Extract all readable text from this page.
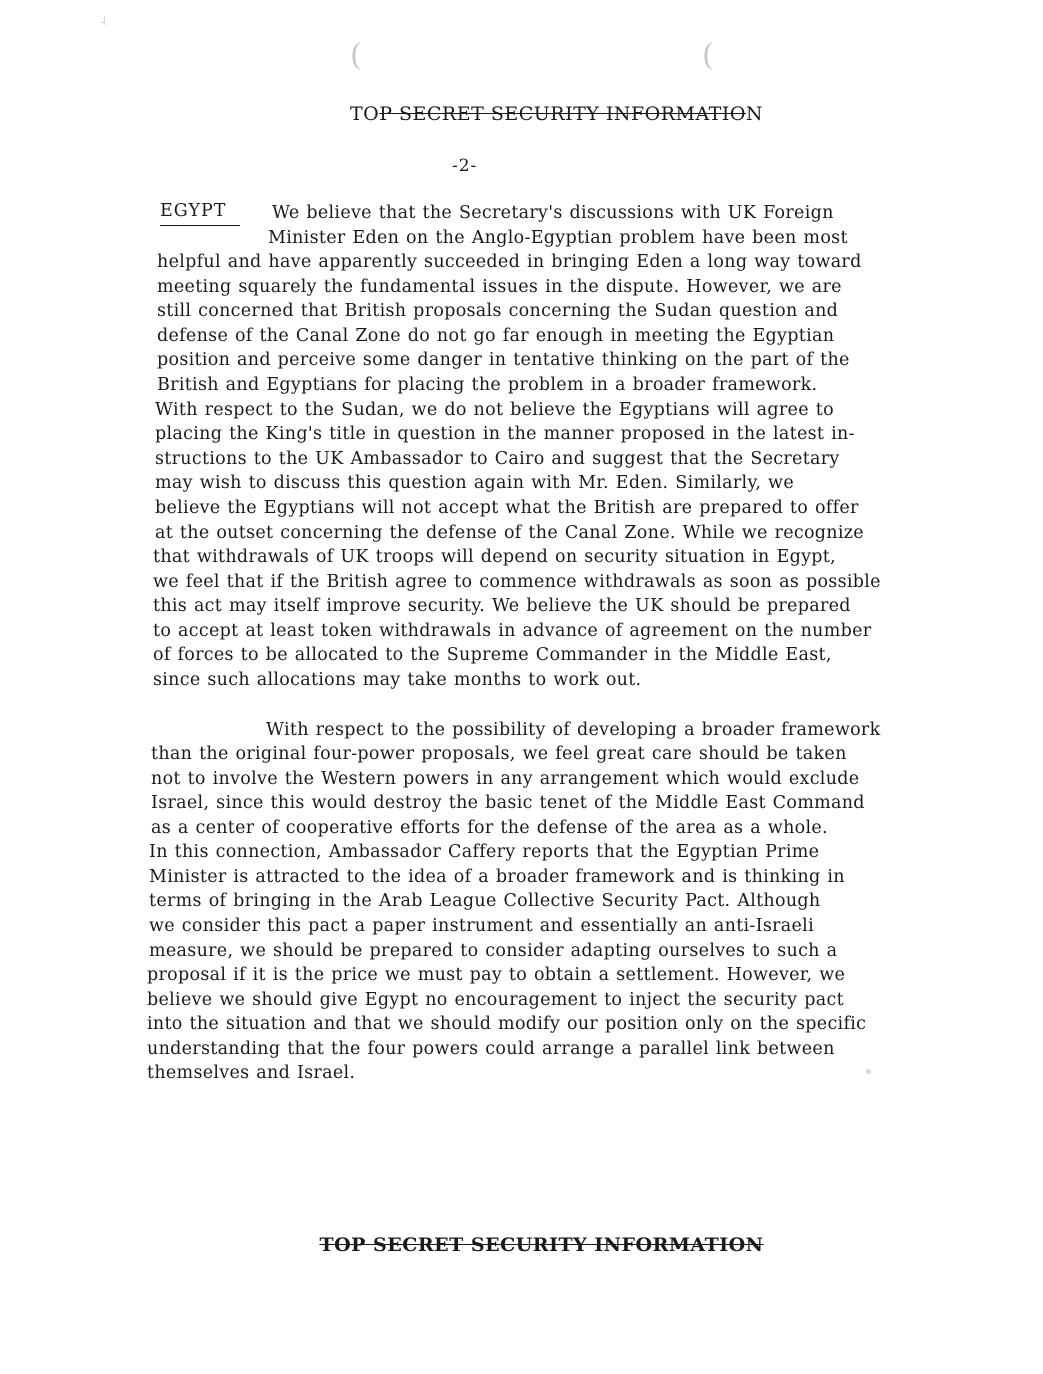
˨
(	(
TOP SECRET SECURITY INFORMATION
-2-
EGYPT	We believe that the Secretary's discussions with UK Foreign
Minister Eden on the Anglo-Egyptian problem have been most
helpful and have apparently succeeded in bringing Eden a long way toward
meeting squarely the fundamental issues in the dispute. However, we are
still concerned that British proposals concerning the Sudan question and
defense of the Canal Zone do not go far enough in meeting the Egyptian
position and perceive some danger in tentative thinking on the part of the
British and Egyptians for placing the problem in a broader framework.
With respect to the Sudan, we do not believe the Egyptians will agree to
placing the King's title in question in the manner proposed in the latest in-
structions to the UK Ambassador to Cairo and suggest that the Secretary
may wish to discuss this question again with Mr. Eden. Similarly, we
believe the Egyptians will not accept what the British are prepared to offer
at the outset concerning the defense of the Canal Zone. While we recognize
that withdrawals of UK troops will depend on security situation in Egypt,
we feel that if the British agree to commence withdrawals as soon as possible
this act may itself improve security. We believe the UK should be prepared
to accept at least token withdrawals in advance of agreement on the number
of forces to be allocated to the Supreme Commander in the Middle East,
since such allocations may take months to work out.
With respect to the possibility of developing a broader framework
than the original four-power proposals, we feel great care should be taken
not to involve the Western powers in any arrangement which would exclude
Israel, since this would destroy the basic tenet of the Middle East Command
as a center of cooperative efforts for the defense of the area as a whole.
In this connection, Ambassador Caffery reports that the Egyptian Prime
Minister is attracted to the idea of a broader framework and is thinking in
terms of bringing in the Arab League Collective Security Pact. Although
we consider this pact a paper instrument and essentially an anti-Israeli
measure, we should be prepared to consider adapting ourselves to such a
proposal if it is the price we must pay to obtain a settlement. However, we
believe we should give Egypt no encouragement to inject the security pact
into the situation and that we should modify our position only on the specific
understanding that the four powers could arrange a parallel link between
themselves and Israel.
TOP SECRET SECURITY INFORMATION
